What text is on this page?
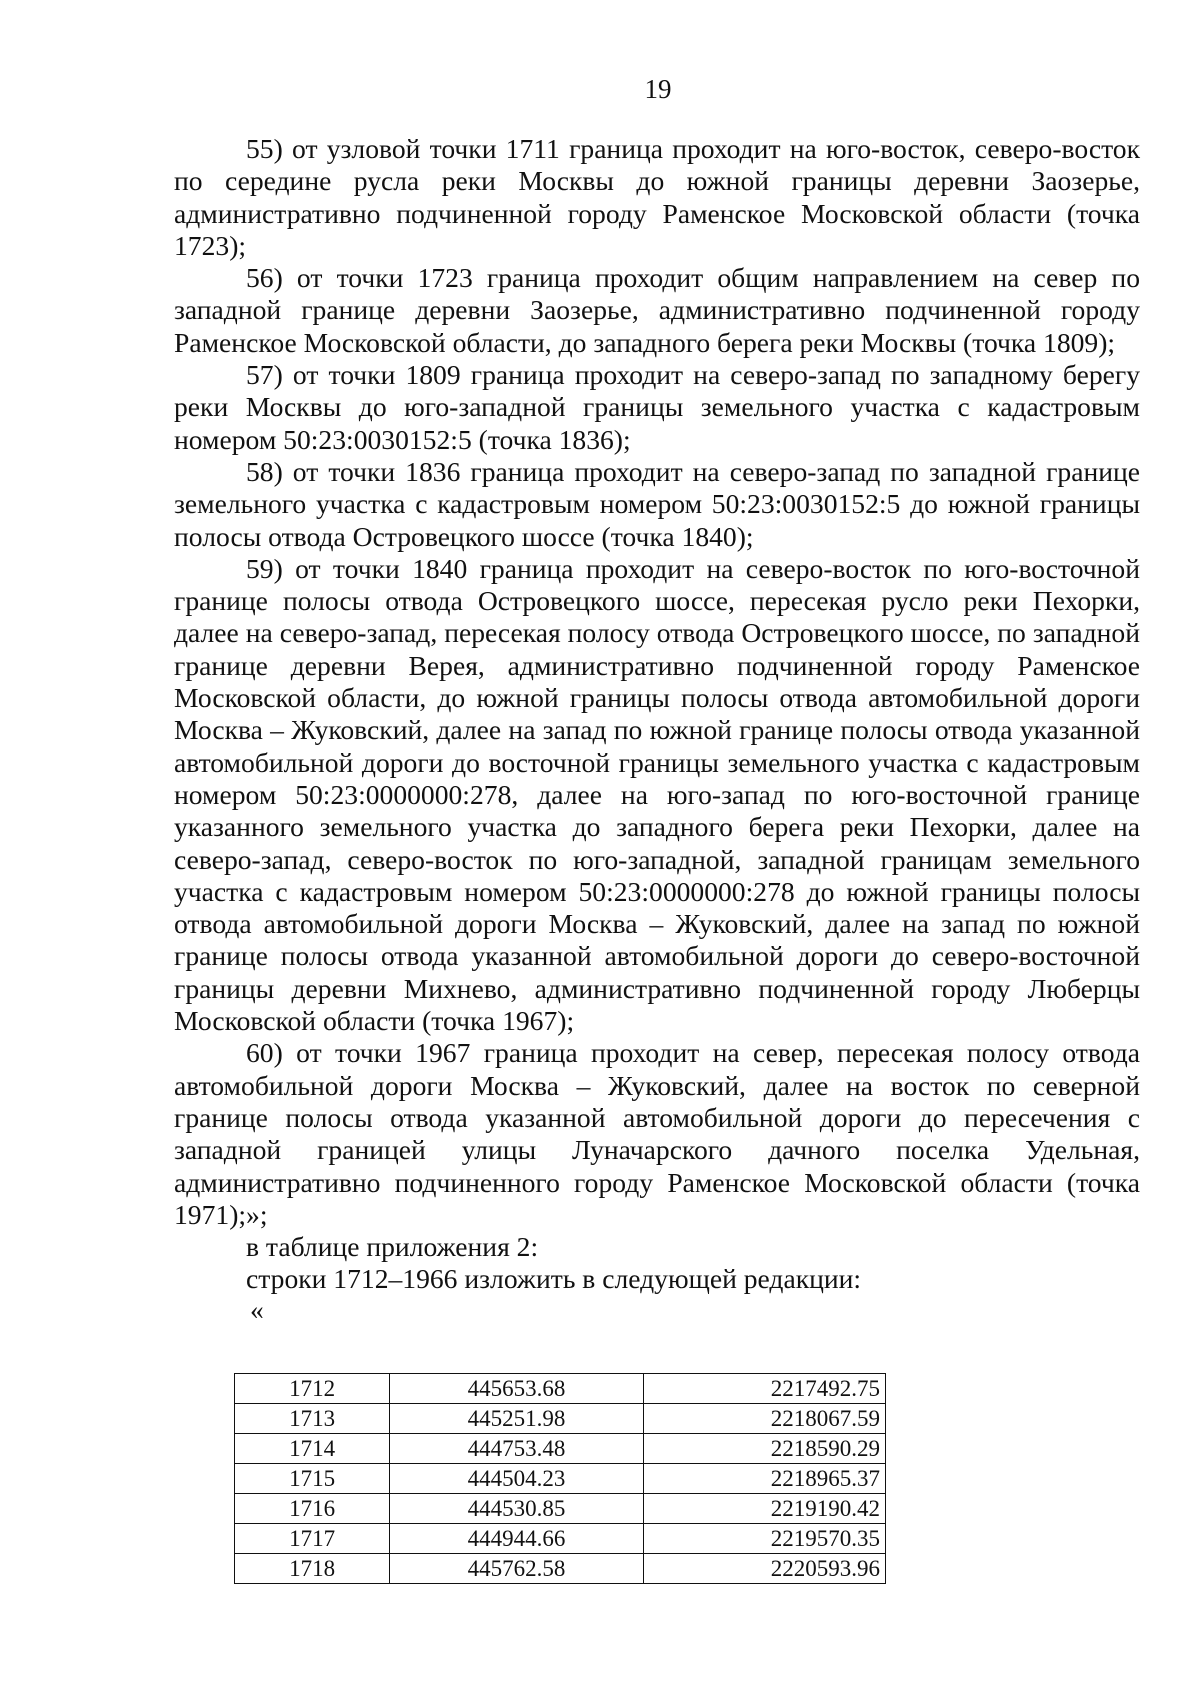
19

55) от узловой точки 1711 граница проходит на юго-восток, северо-восток по середине русла реки Москвы до южной границы деревни Заозерье, административно подчиненной городу Раменское Московской области (точка 1723);

56) от точки 1723 граница проходит общим направлением на север по западной границе деревни Заозерье, административно подчиненной городу Раменское Московской области, до западного берега реки Москвы (точка 1809);

57) от точки 1809 граница проходит на северо-запад по западному берегу реки Москвы до юго-западной границы земельного участка с кадастровым номером 50:23:0030152:5 (точка 1836);

58) от точки 1836 граница проходит на северо-запад по западной границе земельного участка с кадастровым номером 50:23:0030152:5 до южной границы полосы отвода Островецкого шоссе (точка 1840);

59) от точки 1840 граница проходит на северо-восток по юго-восточной границе полосы отвода Островецкого шоссе, пересекая русло реки Пехорки, далее на северо-запад, пересекая полосу отвода Островецкого шоссе, по западной границе деревни Верея, административно подчиненной городу Раменское Московской области, до южной границы полосы отвода автомобильной дороги Москва – Жуковский, далее на запад по южной границе полосы отвода указанной автомобильной дороги до восточной границы земельного участка с кадастровым номером 50:23:0000000:278, далее на юго-запад по юго-восточной границе указанного земельного участка до западного берега реки Пехорки, далее на северо-запад, северо-восток по юго-западной, западной границам земельного участка с кадастровым номером 50:23:0000000:278 до южной границы полосы отвода автомобильной дороги Москва – Жуковский, далее на запад по южной границе полосы отвода указанной автомобильной дороги до северо-восточной границы деревни Михнево, административно подчиненной городу Люберцы Московской области (точка 1967);

60) от точки 1967 граница проходит на север, пересекая полосу отвода автомобильной дороги Москва – Жуковский, далее на восток по северной границе полосы отвода указанной автомобильной дороги до пересечения с западной границей улицы Луначарского дачного поселка Удельная, административно подчиненного городу Раменское Московской области (точка 1971);»;

в таблице приложения 2:

строки 1712–1966 изложить в следующей редакции:

«

1712	445653.68	2217492.75
1713	445251.98	2218067.59
1714	444753.48	2218590.29
1715	444504.23	2218965.37
1716	444530.85	2219190.42
1717	444944.66	2219570.35
1718	445762.58	2220593.96
